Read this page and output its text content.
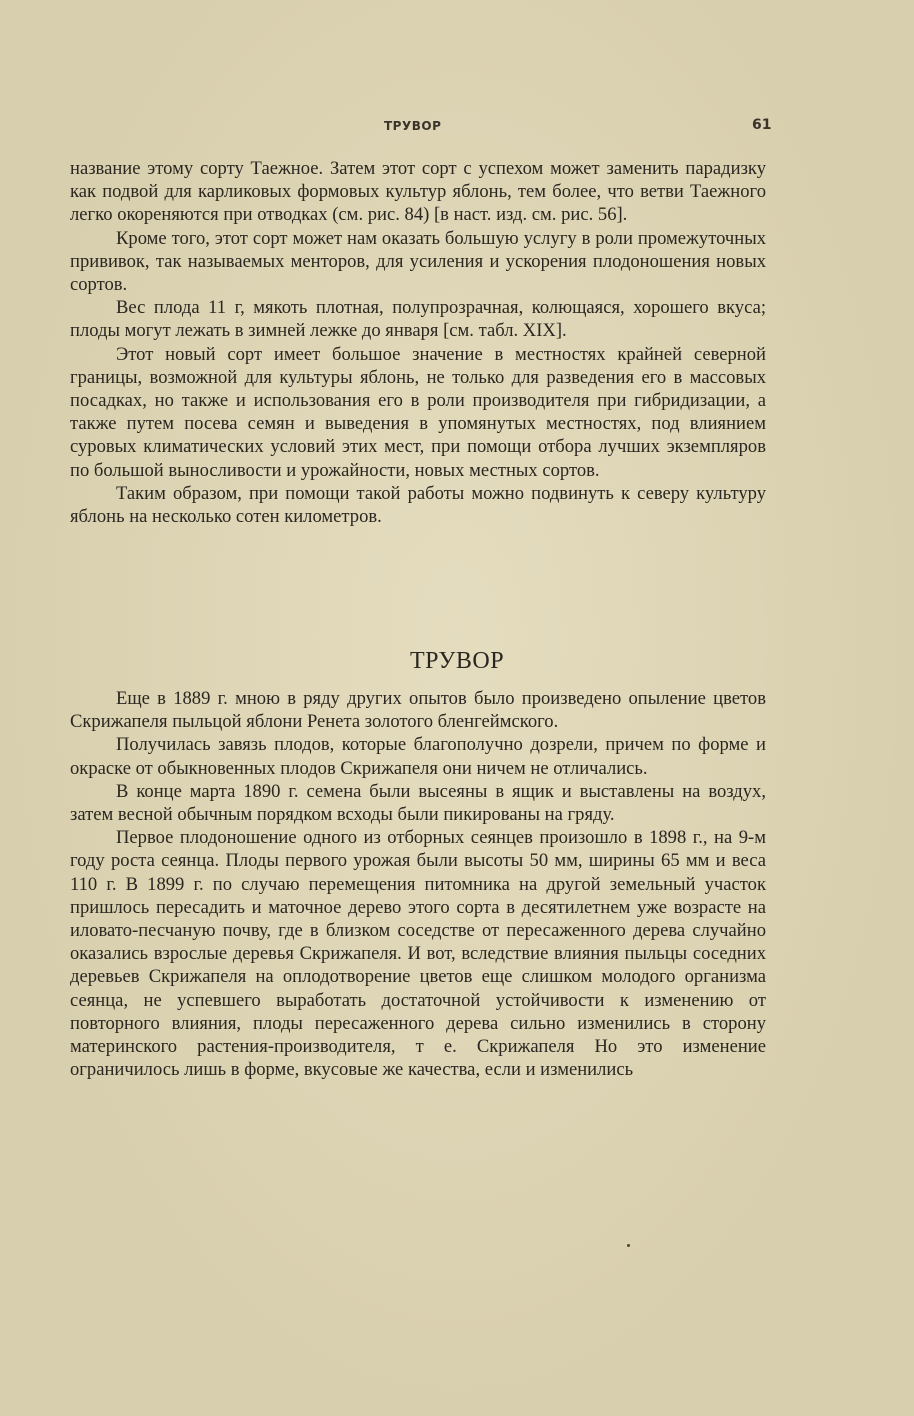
ТРУВОР	61

название этому сорту Таежное. Затем этот сорт с успехом может заменить парадизку как подвой для карликовых формовых культур яблонь, тем более, что ветви Таежного легко окореняются при отводках (см. рис. 84) [в наст. изд. см. рис. 56].

Кроме того, этот сорт может нам оказать большую услугу в роли промежуточных прививок, так называемых менторов, для усиления и ускорения плодоношения новых сортов.

Вес плода 11 г, мякоть плотная, полупрозрачная, колющаяся, хорошего вкуса; плоды могут лежать в зимней лежке до января [см. табл. XIX].

Этот новый сорт имеет большое значение в местностях крайней северной границы, возможной для культуры яблонь, не только для разведения его в массовых посадках, но также и использования его в роли производителя при гибридизации, а также путем посева семян и выведения в упомянутых местностях, под влиянием суровых климатических условий этих мест, при помощи отбора лучших экземпляров по большой выносливости и урожайности, новых местных сортов.

Таким образом, при помощи такой работы можно подвинуть к северу культуру яблонь на несколько сотен километров.

ТРУВОР

Еще в 1889 г. мною в ряду других опытов было произведено опыление цветов Скрижапеля пыльцой яблони Ренета золотого бленгеймского.

Получилась завязь плодов, которые благополучно дозрели, причем по форме и окраске от обыкновенных плодов Скрижапеля они ничем не отличались.

В конце марта 1890 г. семена были высеяны в ящик и выставлены на воздух, затем весной обычным порядком всходы были пикированы на гряду.

Первое плодоношение одного из отборных сеянцев произошло в 1898 г., на 9-м году роста сеянца. Плоды первого урожая были высоты 50 мм, ширины 65 мм и веса 110 г. В 1899 г. по случаю перемещения питомника на другой земельный участок пришлось пересадить и маточное дерево этого сорта в десятилетнем уже возрасте на иловато-песчаную почву, где в близком соседстве от пересаженного дерева случайно оказались взрослые деревья Скрижапеля. И вот, вследствие влияния пыльцы соседних деревьев Скрижапеля на оплодотворение цветов еще слишком молодого организма сеянца, не успевшего выработать достаточной устойчивости к изменению от повторного влияния, плоды пересаженного дерева сильно изменились в сторону материнского растения-производителя, т е. Скрижапеля Но это изменение ограничилось лишь в форме, вкусовые же качества, если и изменились
